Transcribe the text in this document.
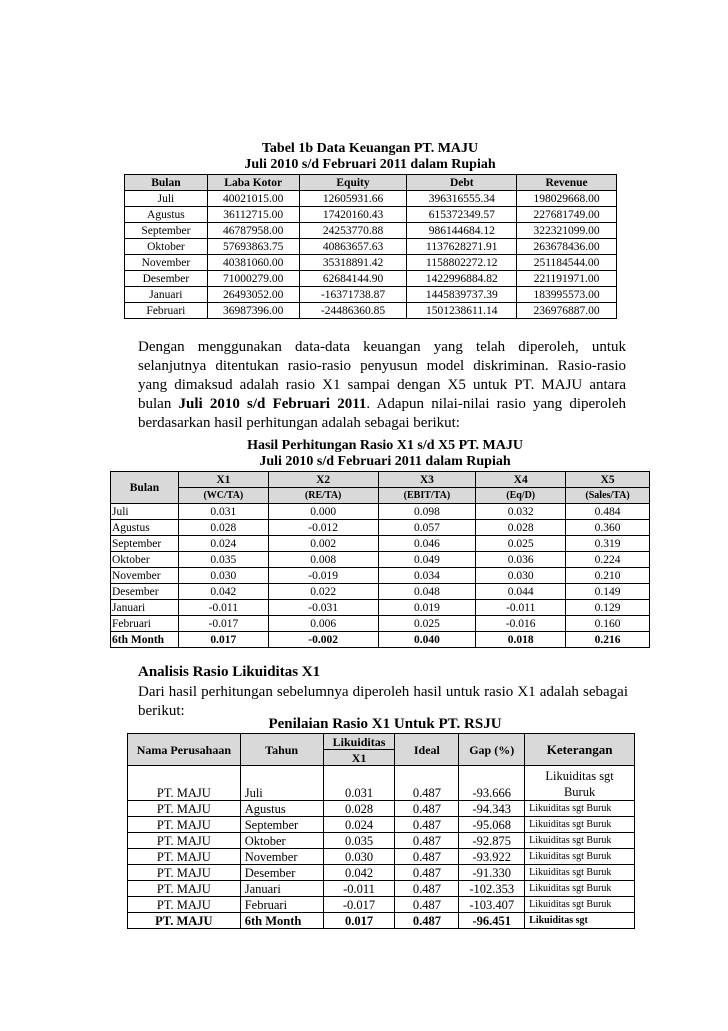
Tabel 1b Data Keuangan PT. MAJU
Juli 2010 s/d Februari 2011 dalam Rupiah
Bulan	Laba Kotor	Equity	Debt	Revenue
Juli	40021015.00	12605931.66	396316555.34	198029668.00
Agustus	36112715.00	17420160.43	615372349.57	227681749.00
September	46787958.00	24253770.88	986144684.12	322321099.00
Oktober	57693863.75	40863657.63	1137628271.91	263678436.00
November	40381060.00	35318891.42	1158802272.12	251184544.00
Desember	71000279.00	62684144.90	1422996884.82	221191971.00
Januari	26493052.00	-16371738.87	1445839737.39	183995573.00
Februari	36987396.00	-24486360.85	1501238611.14	236976887.00
Dengan menggunakan data-data keuangan yang telah diperoleh, untuk selanjutnya ditentukan rasio-rasio penyusun model diskriminan. Rasio-rasio yang dimaksud adalah rasio X1 sampai dengan X5 untuk PT. MAJU antara bulan Juli 2010 s/d Februari 2011. Adapun nilai-nilai rasio yang diperoleh berdasarkan hasil perhitungan adalah sebagai berikut:
Hasil Perhitungan Rasio X1 s/d X5 PT. MAJU
Juli 2010 s/d Februari 2011 dalam Rupiah
Bulan	X1	X2	X3	X4	X5
	(WC/TA)	(RE/TA)	(EBIT/TA)	(Eq/D)	(Sales/TA)
Juli	0.031	0.000	0.098	0.032	0.484
Agustus	0.028	-0.012	0.057	0.028	0.360
September	0.024	0.002	0.046	0.025	0.319
Oktober	0.035	0.008	0.049	0.036	0.224
November	0.030	-0.019	0.034	0.030	0.210
Desember	0.042	0.022	0.048	0.044	0.149
Januari	-0.011	-0.031	0.019	-0.011	0.129
Februari	-0.017	0.006	0.025	-0.016	0.160
6th Month	0.017	-0.002	0.040	0.018	0.216
Analisis Rasio Likuiditas X1
Dari hasil perhitungan sebelumnya diperoleh hasil untuk rasio X1 adalah sebagai berikut:
Penilaian Rasio X1 Untuk PT. RSJU
Nama Perusahaan	Tahun	Likuiditas	Ideal	Gap (%)	Keterangan
		X1			
PT. MAJU	Juli	0.031	0.487	-93.666	Likuiditas sgt
Buruk

PT. MAJU	Agustus	0.028	0.487	-94.343	Likuiditas sgt Buruk
PT. MAJU	September	0.024	0.487	-95.068	Likuiditas sgt Buruk
PT. MAJU	Oktober	0.035	0.487	-92.875	Likuiditas sgt Buruk
PT. MAJU	November	0.030	0.487	-93.922	Likuiditas sgt Buruk
PT. MAJU	Desember	0.042	0.487	-91.330	Likuiditas sgt Buruk
PT. MAJU	Januari	-0.011	0.487	-102.353	Likuiditas sgt Buruk
PT. MAJU	Februari	-0.017	0.487	-103.407	Likuiditas sgt Buruk
PT. MAJU	6th Month	0.017	0.487	-96.451	Likuiditas sgt
